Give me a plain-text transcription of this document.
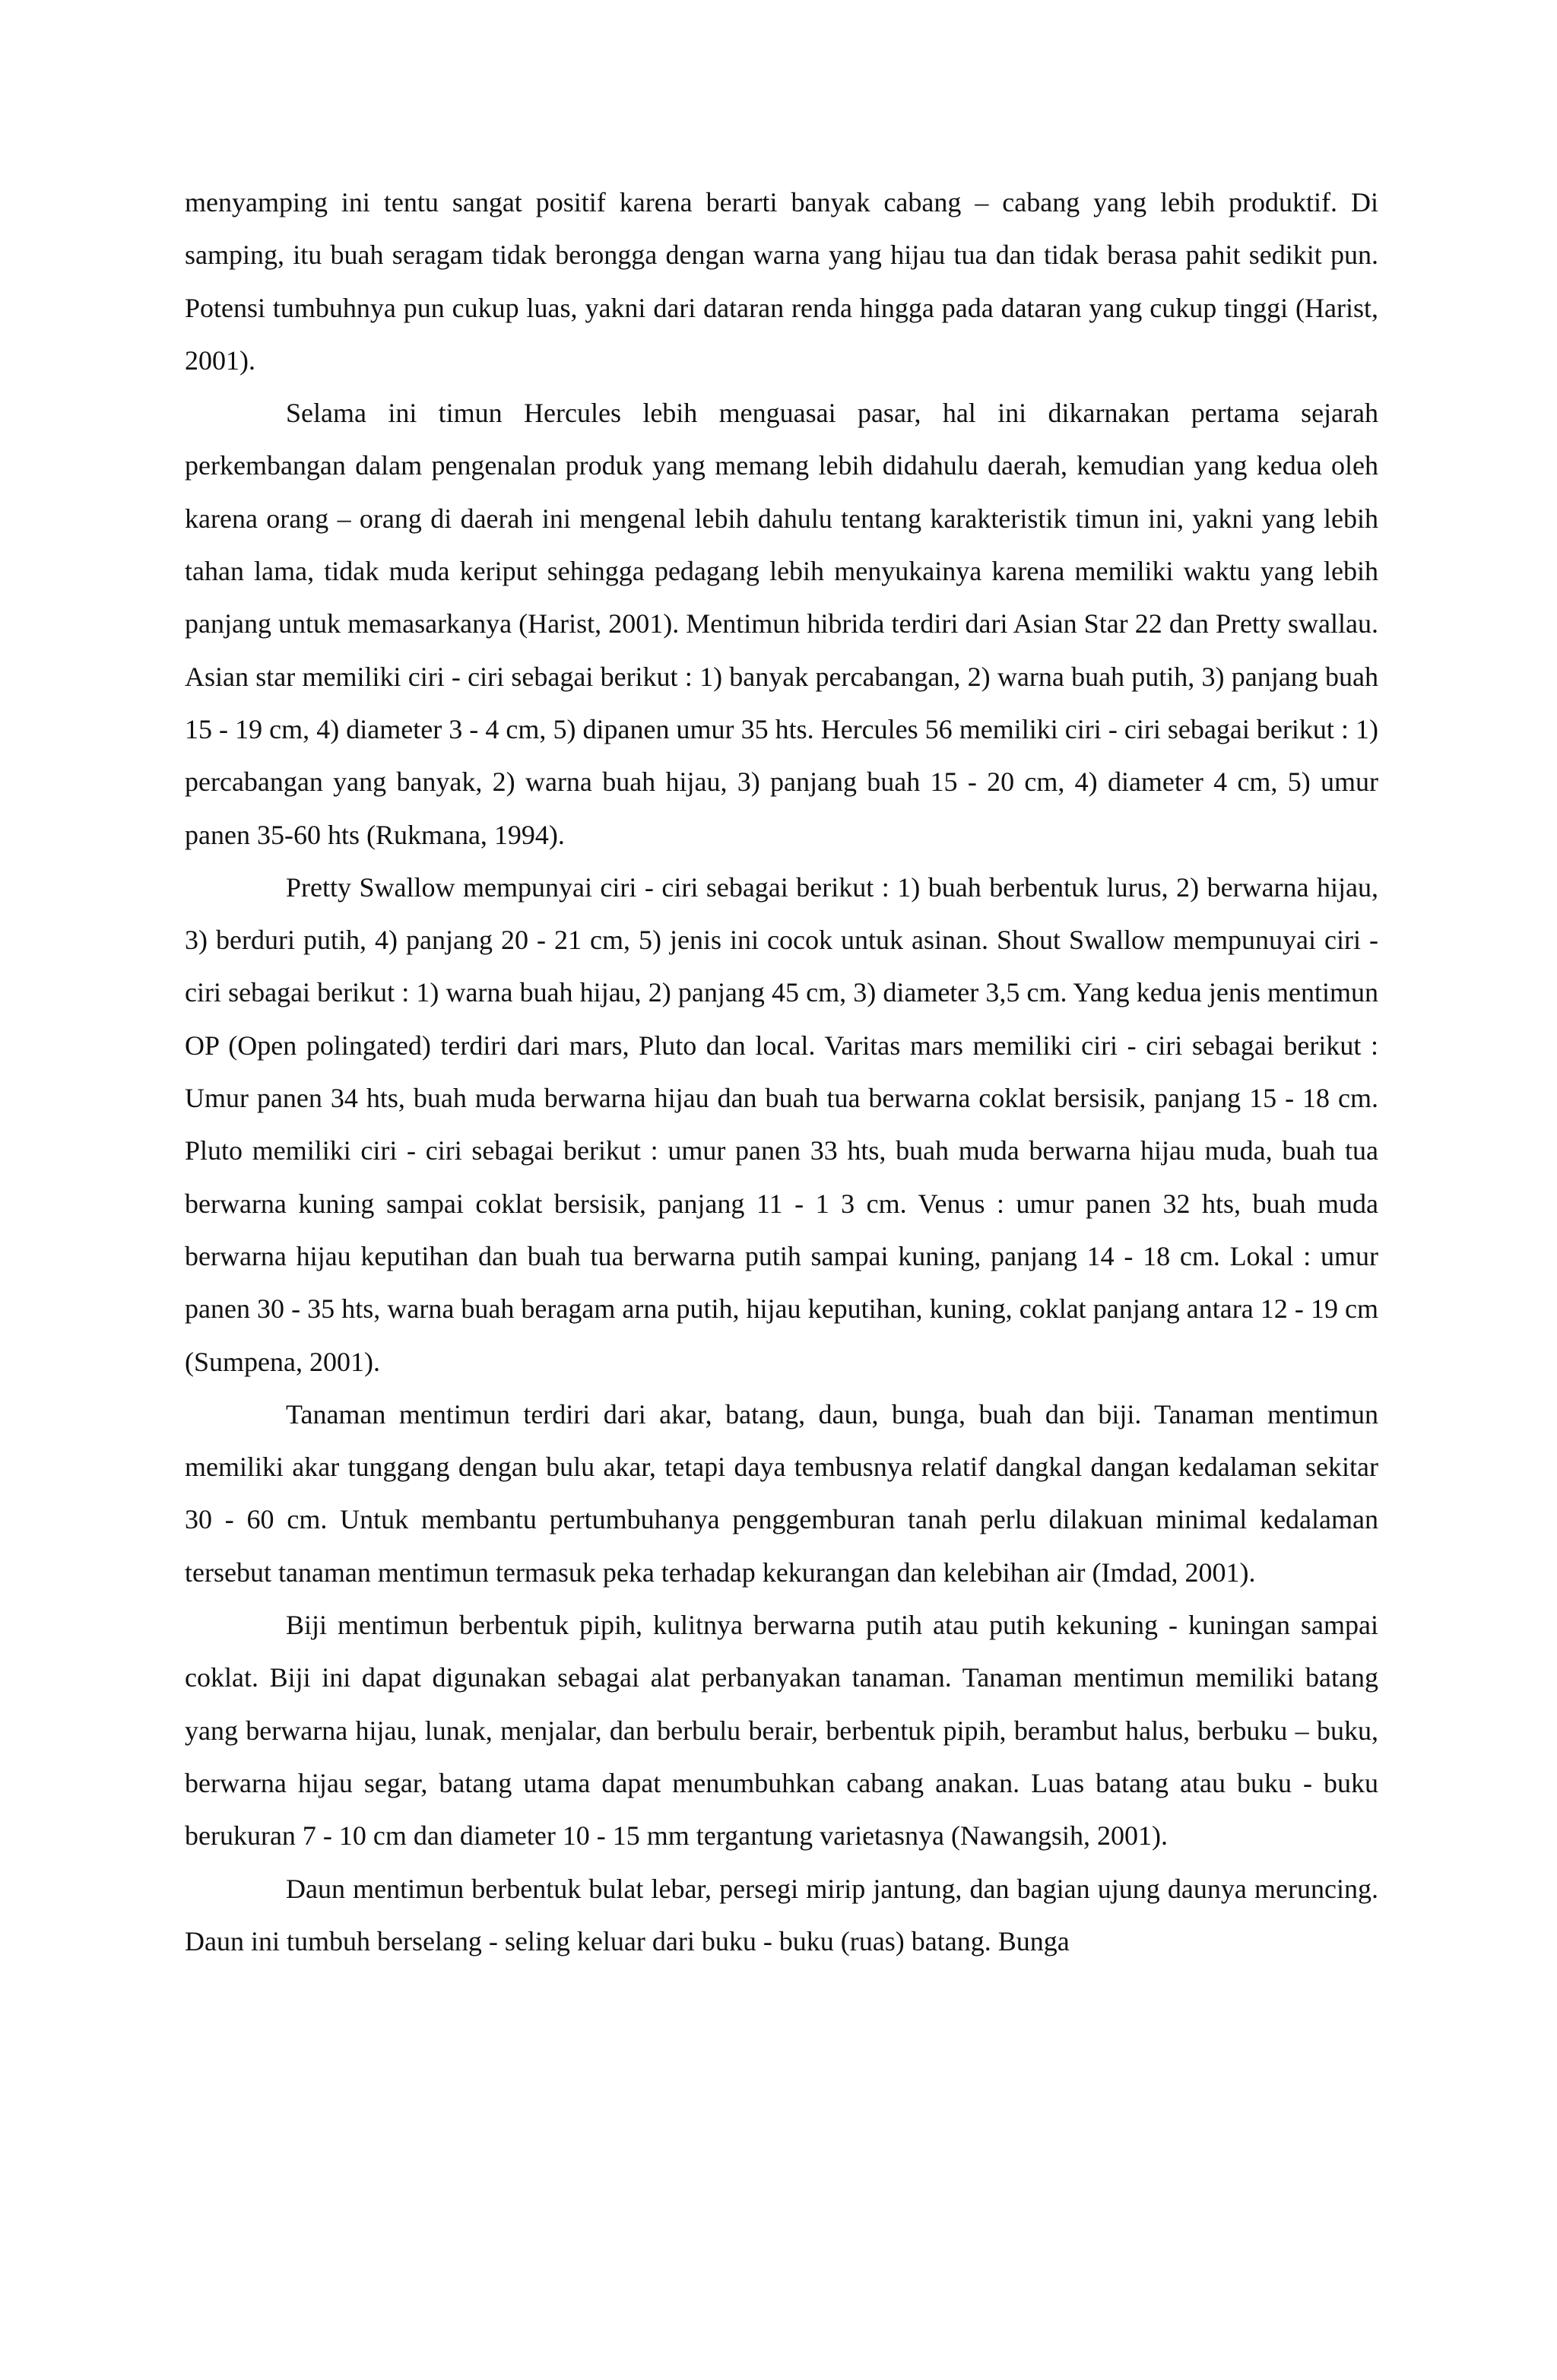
menyamping ini tentu sangat positif karena berarti banyak cabang – cabang yang lebih produktif. Di samping, itu buah seragam tidak berongga dengan warna yang hijau tua dan tidak berasa pahit sedikit pun. Potensi tumbuhnya pun cukup luas, yakni dari dataran renda hingga pada dataran yang cukup tinggi (Harist, 2001).

Selama ini timun Hercules lebih menguasai pasar, hal ini dikarnakan pertama sejarah perkembangan dalam pengenalan produk yang memang lebih didahulu daerah, kemudian yang kedua oleh karena orang – orang di daerah ini mengenal lebih dahulu tentang karakteristik timun ini, yakni yang lebih tahan lama, tidak muda keriput sehingga pedagang lebih menyukainya karena memiliki waktu yang lebih panjang untuk memasarkanya (Harist, 2001). Mentimun hibrida terdiri dari Asian Star 22 dan Pretty swallau. Asian star memiliki ciri - ciri sebagai berikut : 1) banyak percabangan, 2) warna buah putih, 3) panjang buah 15 - 19 cm, 4) diameter 3 - 4 cm, 5) dipanen umur 35 hts. Hercules 56 memiliki ciri - ciri sebagai berikut : 1) percabangan yang banyak, 2) warna buah hijau, 3) panjang buah 15 - 20 cm, 4) diameter 4 cm, 5) umur panen 35-60 hts (Rukmana, 1994).

Pretty Swallow mempunyai ciri - ciri sebagai berikut : 1) buah berbentuk lurus, 2) berwarna hijau, 3) berduri putih, 4) panjang 20 - 21 cm, 5) jenis ini cocok untuk asinan. Shout Swallow mempunuyai ciri - ciri sebagai berikut : 1) warna buah hijau, 2) panjang 45 cm, 3) diameter 3,5 cm. Yang kedua jenis mentimun OP (Open polingated) terdiri dari mars, Pluto dan local. Varitas mars memiliki ciri - ciri sebagai berikut : Umur panen 34 hts, buah muda berwarna hijau dan buah tua berwarna coklat bersisik, panjang 15 - 18 cm. Pluto memiliki ciri - ciri sebagai berikut : umur panen 33 hts, buah muda berwarna hijau muda, buah tua berwarna kuning sampai coklat bersisik, panjang 11 - 1 3 cm. Venus : umur panen 32 hts, buah muda berwarna hijau keputihan dan buah tua berwarna putih sampai kuning, panjang 14 - 18 cm. Lokal : umur panen 30 - 35 hts, warna buah beragam arna putih, hijau keputihan, kuning, coklat panjang antara 12 - 19 cm (Sumpena, 2001).

Tanaman mentimun terdiri dari akar, batang, daun, bunga, buah dan biji. Tanaman mentimun memiliki akar tunggang dengan bulu akar, tetapi daya tembusnya relatif dangkal dangan kedalaman sekitar 30 - 60 cm. Untuk membantu pertumbuhanya penggemburan tanah perlu dilakuan minimal kedalaman tersebut tanaman mentimun termasuk peka terhadap kekurangan dan kelebihan air (Imdad, 2001).

Biji mentimun berbentuk pipih, kulitnya berwarna putih atau putih kekuning - kuningan sampai coklat. Biji ini dapat digunakan sebagai alat perbanyakan tanaman. Tanaman mentimun memiliki batang yang berwarna hijau, lunak, menjalar, dan berbulu berair, berbentuk pipih, berambut halus, berbuku – buku, berwarna hijau segar, batang utama dapat menumbuhkan cabang anakan. Luas batang atau buku - buku berukuran 7 - 10 cm dan diameter 10 - 15 mm tergantung varietasnya (Nawangsih, 2001).

Daun mentimun berbentuk bulat lebar, persegi mirip jantung, dan bagian ujung daunya meruncing. Daun ini tumbuh berselang - seling keluar dari buku - buku (ruas) batang. Bunga
